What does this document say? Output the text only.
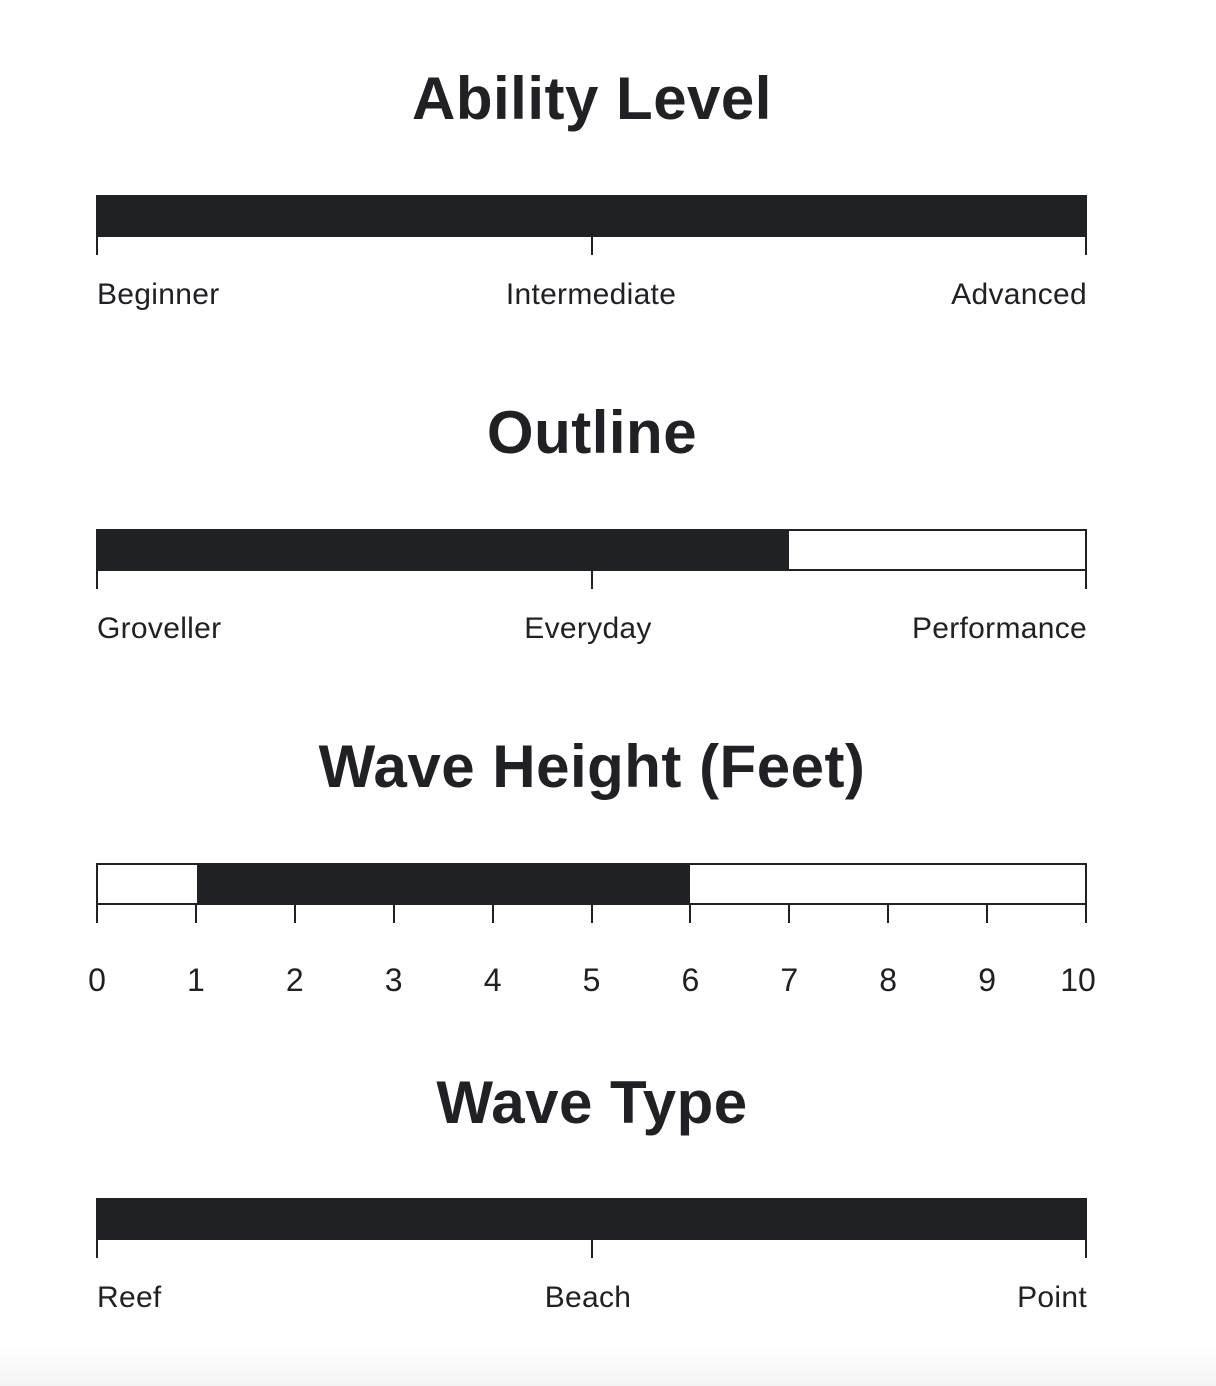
Ability Level
Beginner	Intermediate	Advanced
Outline
Groveller	Everyday	Performance
Wave Height (Feet)
0	1	2	3	4	5	6	7	8	9 10
Wave Type
Reef	Beach	Point
